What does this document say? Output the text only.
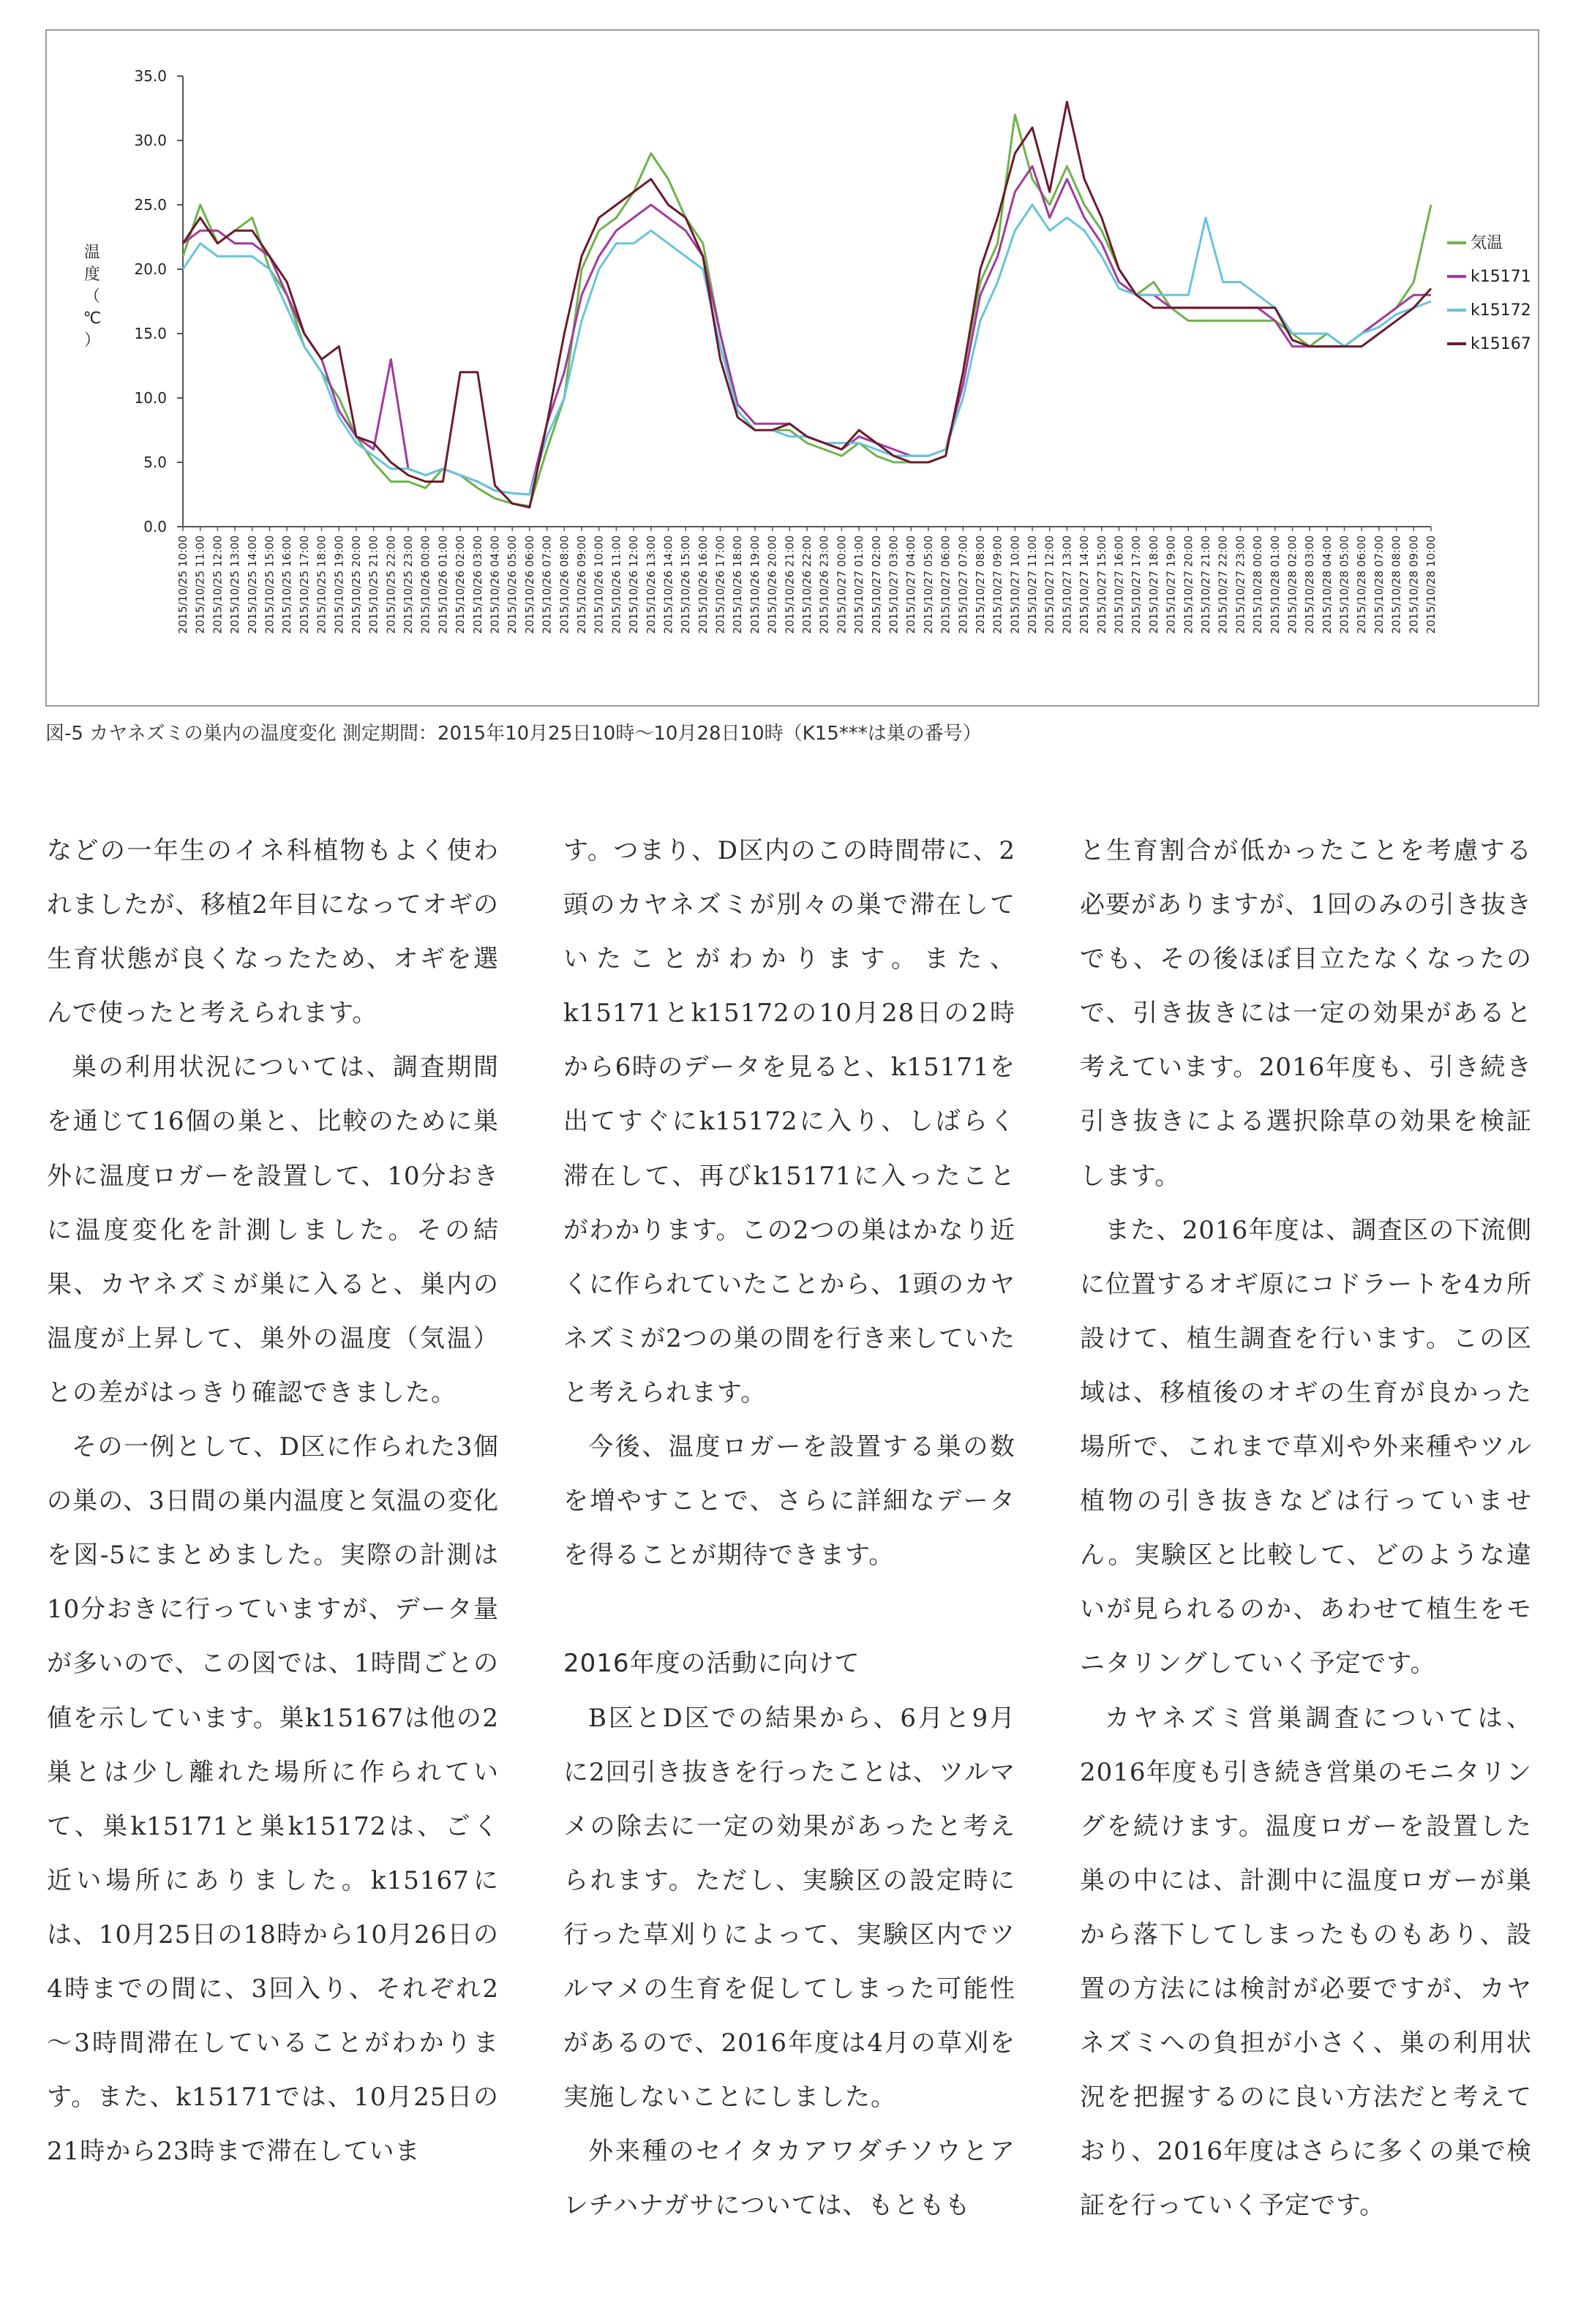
0.0
5.0
10.0
15.0
20.0
25.0
30.0
35.0
温度（℃）
2015/10/25 10:00 2015/10/25 11:00 2015/10/25 12:00 2015/10/25 13:00 2015/10/25 14:00 2015/10/25 15:00 2015/10/25 16:00 2015/10/25 17:00 2015/10/25 18:00 2015/10/25 19:00 2015/10/25 20:00 2015/10/25 21:00 2015/10/25 22:00 2015/10/25 23:00 2015/10/26 00:00 2015/10/26 01:00 2015/10/26 02:00 2015/10/26 03:00 2015/10/26 04:00 2015/10/26 05:00 2015/10/26 06:00 2015/10/26 07:00 2015/10/26 08:00 2015/10/26 09:00 2015/10/26 10:00 2015/10/26 11:00 2015/10/26 12:00 2015/10/26 13:00 2015/10/26 14:00 2015/10/26 15:00 2015/10/26 16:00 2015/10/26 17:00 2015/10/26 18:00 2015/10/26 19:00 2015/10/26 20:00 2015/10/26 21:00 2015/10/26 22:00 2015/10/26 23:00 2015/10/27 00:00 2015/10/27 01:00 2015/10/27 02:00 2015/10/27 03:00 2015/10/27 04:00 2015/10/27 05:00 2015/10/27 06:00 2015/10/27 07:00 2015/10/27 08:00 2015/10/27 09:00 2015/10/27 10:00 2015/10/27 11:00 2015/10/27 12:00 2015/10/27 13:00 2015/10/27 14:00 2015/10/27 15:00 2015/10/27 16:00 2015/10/27 17:00 2015/10/27 18:00 2015/10/27 19:00 2015/10/27 20:00 2015/10/27 21:00 2015/10/27 22:00 2015/10/27 23:00 2015/10/28 00:00 2015/10/28 01:00 2015/10/28 02:00 2015/10/28 03:00 2015/10/28 04:00 2015/10/28 05:00 2015/10/28 06:00 2015/10/28 07:00 2015/10/28 08:00 2015/10/28 09:00 2015/10/28 10:00
気温
k15171
k15172
k15167
図-5 カヤネズミの巣内の温度変化 測定期間：2015年10月25日10時～10月28日10時（K15***は巣の番号）

などの一年生のイネ科植物もよく使われましたが、移植2年目になってオギの生育状態が良くなったため、オギを選んで使ったと考えられます。

巣の利用状況については、調査期間を通じて16個の巣と、比較のために巣外に温度ロガーを設置して、10分おきに温度変化を計測しました。その結果、カヤネズミが巣に入ると、巣内の温度が上昇して、巣外の温度（気温）との差がはっきり確認できました。

その一例として、D区に作られた3個の巣の、3日間の巣内温度と気温の変化を図-5にまとめました。実際の計測は10分おきに行っていますが、データ量が多いので、この図では、1時間ごとの値を示しています。巣k15167は他の2巣とは少し離れた場所に作られていて、巣k15171と巣k15172は、ごく近い場所にありました。k15167には、10月25日の18時から10月26日の4時までの間に、3回入り、それぞれ2～3時間滞在していることがわかります。また、k15171では、10月25日の21時から23時まで滞在していま

す。つまり、D区内のこの時間帯に、2頭のカヤネズミが別々の巣で滞在していたことがわかります。また、k15171とk15172の10月28日の2時から6時のデータを見ると、k15171を出てすぐにk15172に入り、しばらく滞在して、再びk15171に入ったことがわかります。この2つの巣はかなり近くに作られていたことから、1頭のカヤネズミが2つの巣の間を行き来していたと考えられます。

今後、温度ロガーを設置する巣の数を増やすことで、さらに詳細なデータを得ることが期待できます。

2016年度の活動に向けて

B区とD区での結果から、6月と9月に2回引き抜きを行ったことは、ツルマメの除去に一定の効果があったと考えられます。ただし、実験区の設定時に行った草刈りによって、実験区内でツルマメの生育を促してしまった可能性があるので、2016年度は4月の草刈を実施しないことにしました。

外来種のセイタカアワダチソウとアレチハナガサについては、もともも

と生育割合が低かったことを考慮する必要がありますが、1回のみの引き抜きでも、その後ほぼ目立たなくなったので、引き抜きには一定の効果があると考えています。2016年度も、引き続き引き抜きによる選択除草の効果を検証します。

また、2016年度は、調査区の下流側に位置するオギ原にコドラートを4カ所設けて、植生調査を行います。この区域は、移植後のオギの生育が良かった場所で、これまで草刈や外来種やツル植物の引き抜きなどは行っていません。実験区と比較して、どのような違いが見られるのか、あわせて植生をモニタリングしていく予定です。

カヤネズミ営巣調査については、2016年度も引き続き営巣のモニタリングを続けます。温度ロガーを設置した巣の中には、計測中に温度ロガーが巣から落下してしまったものもあり、設置の方法には検討が必要ですが、カヤネズミへの負担が小さく、巣の利用状況を把握するのに良い方法だと考えており、2016年度はさらに多くの巣で検証を行っていく予定です。
